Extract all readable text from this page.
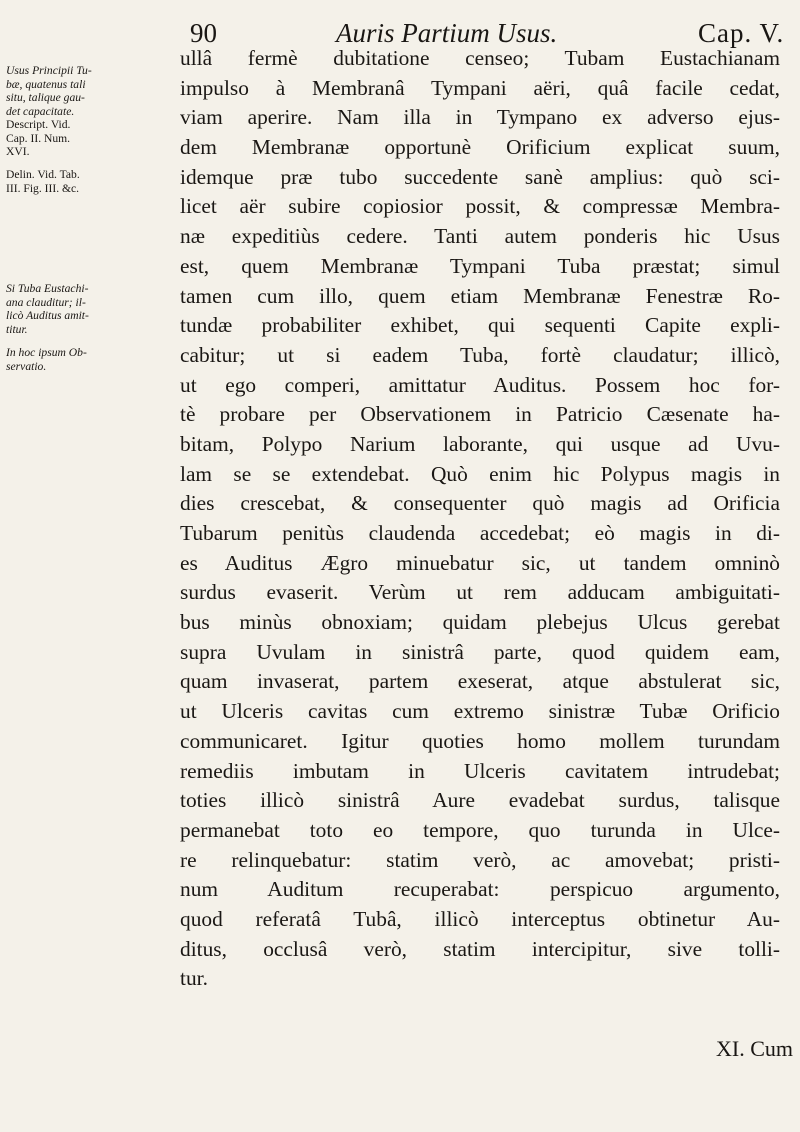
90	Auris Partium Usus.	Cap. V.
Usus Principii Tu-
bæ, quatenus tali
situ, talique gau-
det capacitate.
Descript. Vid.
Cap. II. Num.
XVI.
Delin. Vid. Tab.
III. Fig. III. &c.
Si Tuba Eustachi-
ana clauditur; il-
licò Auditus amit-
titur.
In hoc ipsum Ob-
servatio.
ullâ fermè dubitatione censeo; Tubam Eustachianam
impulso à Membranâ Tympani aëri, quâ facile cedat,
viam aperire. Nam illa in Tympano ex adverso ejus-
dem Membranæ opportunè Orificium explicat suum,
idemque præ tubo succedente sanè amplius: quò sci-
licet aër subire copiosior possit, & compressæ Membra-
næ expeditiùs cedere. Tanti autem ponderis hic Usus
est, quem Membranæ Tympani Tuba præstat; simul
tamen cum illo, quem etiam Membranæ Fenestræ Ro-
tundæ probabiliter exhibet, qui sequenti Capite expli-
cabitur; ut si eadem Tuba, fortè claudatur; illicò,
ut ego comperi, amittatur Auditus. Possem hoc for-
tè probare per Observationem in Patricio Cæsenate ha-
bitam, Polypo Narium laborante, qui usque ad Uvu-
lam se se extendebat. Quò enim hic Polypus magis in
dies crescebat, & consequenter quò magis ad Orificia
Tubarum penitùs claudenda accedebat; eò magis in di-
es Auditus Ægro minuebatur sic, ut tandem omninò
surdus evaserit. Verùm ut rem adducam ambiguitati-
bus minùs obnoxiam; quidam plebejus Ulcus gerebat
supra Uvulam in sinistrâ parte, quod quidem eam,
quam invaserat, partem exeserat, atque abstulerat sic,
ut Ulceris cavitas cum extremo sinistræ Tubæ Orificio
communicaret. Igitur quoties homo mollem turundam
remediis imbutam in Ulceris cavitatem intrudebat;
toties illicò sinistrâ Aure evadebat surdus, talisque
permanebat toto eo tempore, quo turunda in Ulce-
re relinquebatur: statim verò, ac amovebat; pristi-
num Auditum recuperabat: perspicuo argumento,
quod referatâ Tubâ, illicò interceptus obtinetur Au-
ditus, occlusâ verò, statim intercipitur, sive tolli-
tur.
XI. Cum
